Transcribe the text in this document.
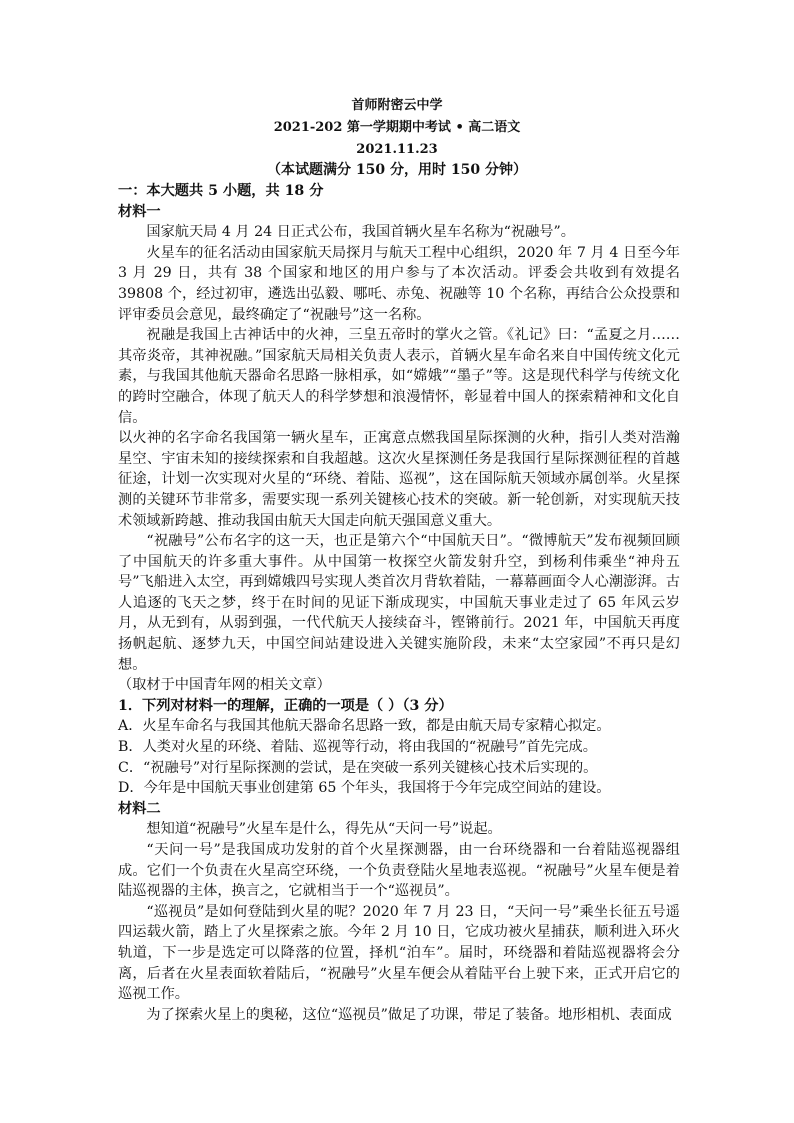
首师附密云中学
2021-202 第一学期期中考试 • 高二语文
2021.11.23
（本试题满分 150 分，用时 150 分钟）

一：本大题共 5 小题，共 18 分

材料一

国家航天局 4 月 24 日正式公布，我国首辆火星车名称为“祝融号”。

火星车的征名活动由国家航天局探月与航天工程中心组织，2020 年 7 月 4 日至今年 3 月 29 日，共有 38 个国家和地区的用户参与了本次活动。评委会共收到有效提名 39808 个，经过初审，遴选出弘毅、哪吒、赤兔、祝融等 10 个名称，再结合公众投票和评审委员会意见，最终确定了“祝融号”这一名称。

祝融是我国上古神话中的火神，三皇五帝时的掌火之管。《礼记》曰：“孟夏之月……其帝炎帝，其神祝融。”国家航天局相关负责人表示，首辆火星车命名来自中国传统文化元素，与我国其他航天器命名思路一脉相承，如“嫦娥”“墨子”等。这是现代科学与传统文化的跨时空融合，体现了航天人的科学梦想和浪漫情怀，彰显着中国人的探索精神和文化自信。

以火神的名字命名我国第一辆火星车，正寓意点燃我国星际探测的火种，指引人类对浩瀚星空、宇宙未知的接续探索和自我超越。这次火星探测任务是我国行星际探测征程的首越征途，计划一次实现对火星的“环绕、着陆、巡视”，这在国际航天领域亦属创举。火星探测的关键环节非常多，需要实现一系列关键核心技术的突破。新一轮创新，对实现航天技术领域新跨越、推动我国由航天大国走向航天强国意义重大。

“祝融号”公布名字的这一天，也正是第六个“中国航天日”。“微博航天”发布视频回顾了中国航天的许多重大事件。从中国第一枚探空火箭发射升空，到杨利伟乘坐“神舟五号”飞船进入太空，再到嫦娥四号实现人类首次月背软着陆，一幕幕画面令人心潮澎湃。古人追逐的飞天之梦，终于在时间的见证下渐成现实，中国航天事业走过了 65 年风云岁月，从无到有，从弱到强，一代代航天人接续奋斗，铿锵前行。2021 年，中国航天再度扬帆起航、逐梦九天，中国空间站建设进入关键实施阶段，未来“太空家园”不再只是幻想。

（取材于中国青年网的相关文章）

1．下列对材料一的理解，正确的一项是（ ）（3 分）

A．火星车命名与我国其他航天器命名思路一致，都是由航天局专家精心拟定。

B．人类对火星的环绕、着陆、巡视等行动，将由我国的“祝融号”首先完成。

C．“祝融号”对行星际探测的尝试，是在突破一系列关键核心技术后实现的。

D．今年是中国航天事业创建第 65 个年头，我国将于今年完成空间站的建设。

材料二

想知道“祝融号”火星车是什么，得先从“天问一号”说起。

“天问一号”是我国成功发射的首个火星探测器，由一台环绕器和一台着陆巡视器组成。它们一个负责在火星高空环绕，一个负责登陆火星地表巡视。“祝融号”火星车便是着陆巡视器的主体，换言之，它就相当于一个“巡视员”。

“巡视员”是如何登陆到火星的呢？2020 年 7 月 23 日，“天问一号”乘坐长征五号遥四运载火箭，踏上了火星探索之旅。今年 2 月 10 日，它成功被火星捕获，顺利进入环火轨道，下一步是选定可以降落的位置，择机“泊车”。届时，环绕器和着陆巡视器将会分离，后者在火星表面软着陆后，“祝融号”火星车便会从着陆平台上驶下来，正式开启它的巡视工作。

为了探索火星上的奥秘，这位“巡视员”做足了功课，带足了装备。地形相机、表面成
